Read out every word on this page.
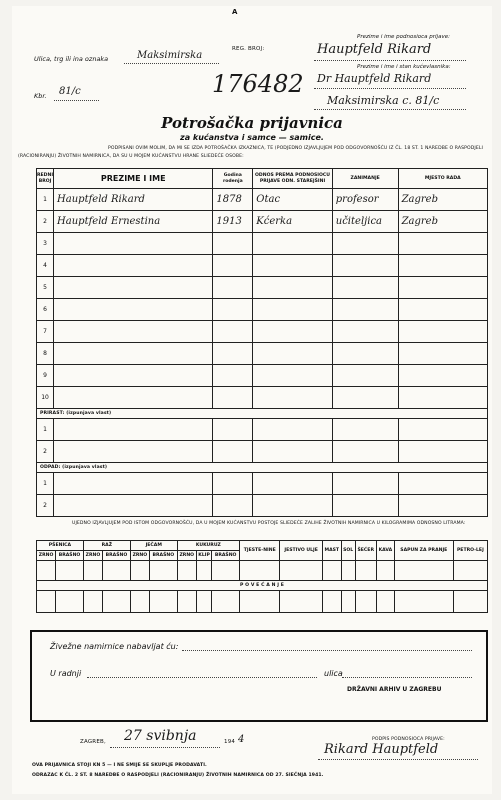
A
REG. BROJ:
Ulica, trg ili ina oznaka	Maksimirska
Kbr. 81/c	176482
Prezime i ime podnosioca prijave:
Hauptfeld Rikard
Prezime i ime i stan kućevlasnika:
Dr Hauptfeld Rikard
Maksimirska c. 81/c
Potrošačka prijavnica
za kućanstva i samce — samice.
PODPISANI OVIM MOLIM, DA MI SE IZDA POTROŠAČKA IZKAZNICA, TE (PODJEDNO IZJAVLJUJEM POD ODGOVORNOŠĆU IZ ČL. 18 ST. 1 NAREDBE O RASPODJELI (RACIONIRANJU) ŽIVOTNIH NAMIRNICA, DA SU U MOJEM KUĆANSTVU HRANE SLIEDEĆE OSOBE:
REDNI BROJ	PREZIME I IME	Godina rodenja	ODNOS PREMA PODNOSIOCU PRIJAVE ODN. STAREJŠINI	ZANIMANJE	MJESTO RADA
1	Hauptfeld Rikard	1878	Otac	profesor	Zagreb
2	Hauptfeld Ernestina	1913	Kćerka	učiteljica	Zagreb
3					
4					
5					
6					
7					
8					
9					
10					
PRIRAST: (izpunjava vlast)					
1					
2					
ODPAD: (izpunjava vlast)					
1					
2					
UJEDNO IZJAVLJUJEM POD ISTOM ODGOVORNOŠĆU, DA U MOJEM KUĆANSTVU POSTOJE SLIEDEĆE ZALIHE ŽIVOTNIH NAMIRNICA U KILOGRAMIMA ODNOSNO LITRAMA:
PŠENICA		RAŽ		JEČAM		KUKURUZ			TJESTE-NINE	JESTIVO ULJE	MAST	SOL	ŠEĆER	KAVA	SAPUN ZA PRANJE	PETRO-LEJ
ZRNO	BRAŠNO	ZRNO	BRAŠNO	ZRNO	BRAŠNO	ZRNO	KLIP	BRAŠNO								

P O V E Ć A N J E																

Živežne namirnice nabavljat ću:
U radnji	ulica
DRŽAVNI ARHIV U ZAGREBU
ZAGREB, 27 svibnja	194 4	PODPIS PODNOSIOCA PRIJAVE:
Rikard Hauptfeld
OVA PRIJAVNICA STOJI KN 5 — I NE SMIJE SE SKUPLJE PRODAVATI.
ODRAZAC K ČL. 2 ST. 8 NAREDBE O RASPODJELI (RACIONIRANJU) ŽIVOTNIH NAMIRNICA OD 27. SIEČNJA 1941.
